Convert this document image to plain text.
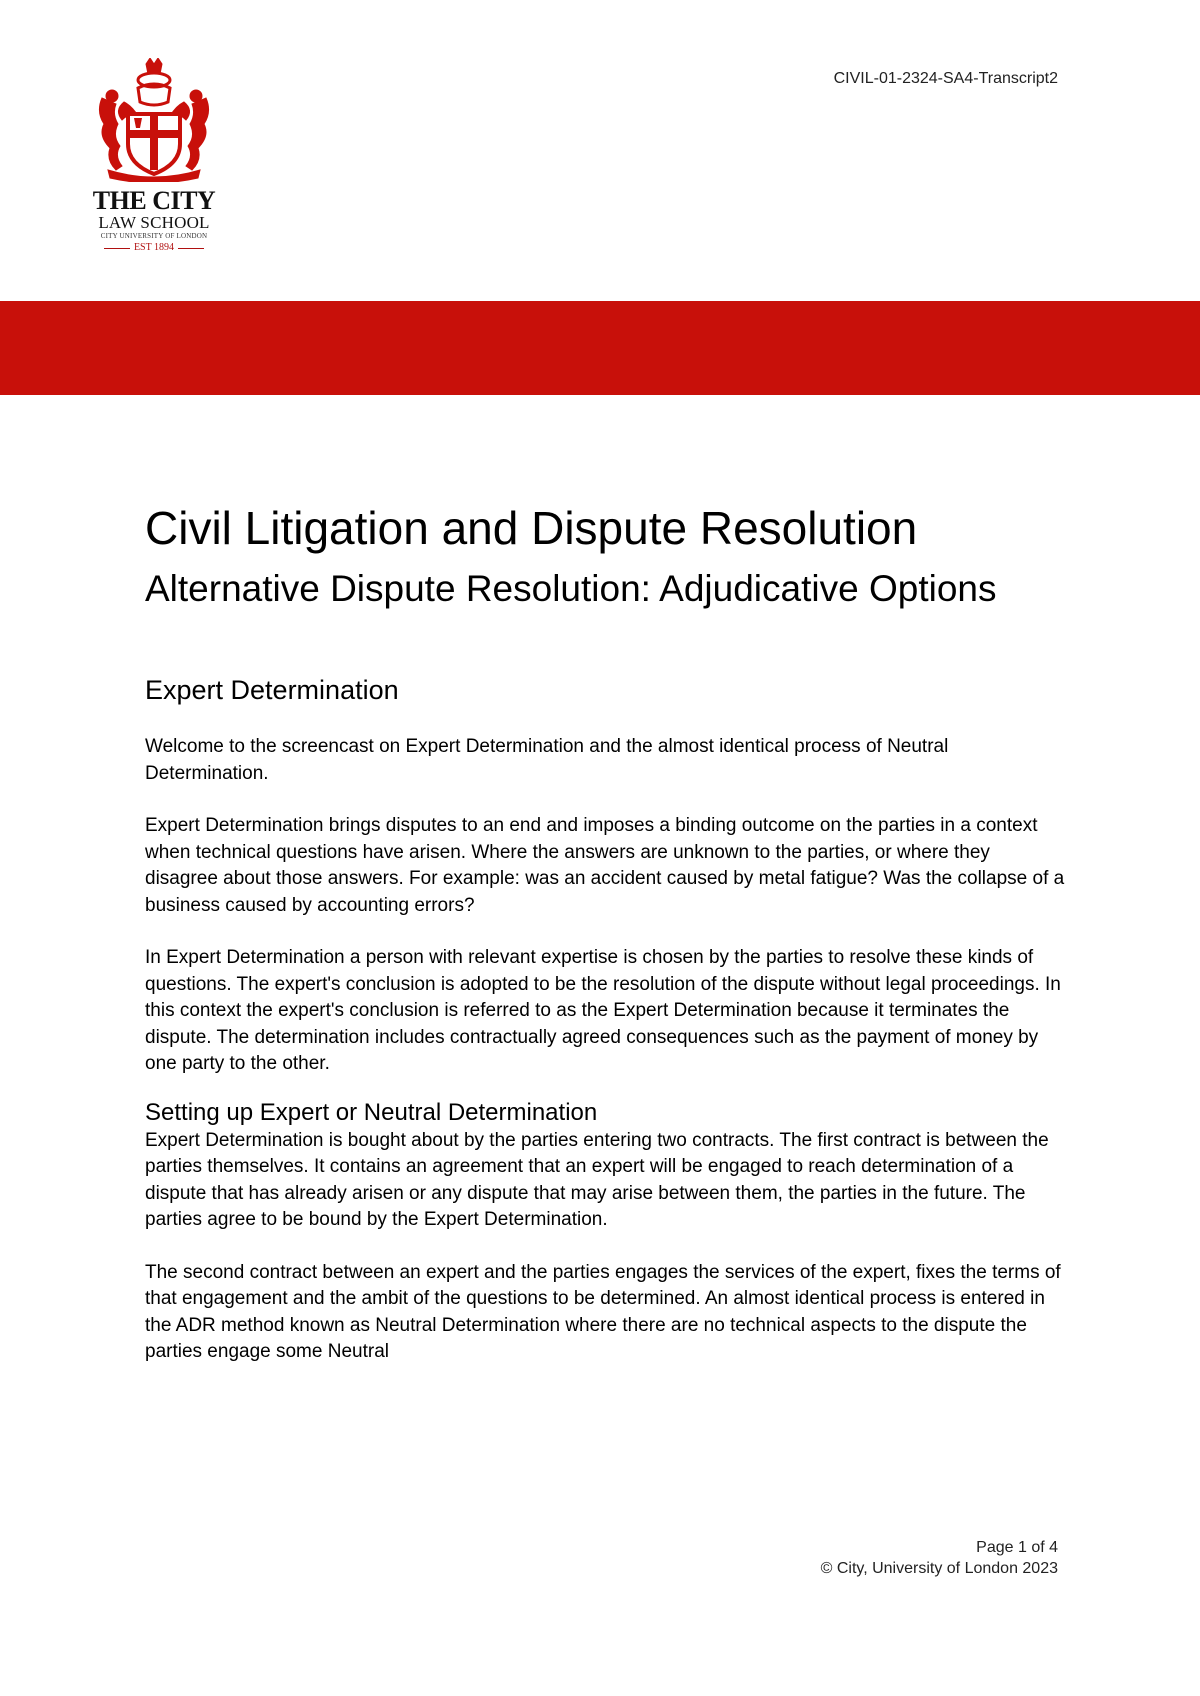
CIVIL-01-2324-SA4-Transcript2
THE CITY
LAW SCHOOL
CITY UNIVERSITY OF LONDON
EST 1894
Civil Litigation and Dispute Resolution
Alternative Dispute Resolution: Adjudicative Options
Expert Determination

Welcome to the screencast on Expert Determination and the almost identical process of Neutral Determination.

Expert Determination brings disputes to an end and imposes a binding outcome on the parties in a context when technical questions have arisen. Where the answers are unknown to the parties, or where they disagree about those answers. For example: was an accident caused by metal fatigue? Was the collapse of a business caused by accounting errors?

In Expert Determination a person with relevant expertise is chosen by the parties to resolve these kinds of questions. The expert's conclusion is adopted to be the resolution of the dispute without legal proceedings. In this context the expert's conclusion is referred to as the Expert Determination because it terminates the dispute. The determination includes contractually agreed consequences such as the payment of money by one party to the other.

Setting up Expert or Neutral Determination

Expert Determination is bought about by the parties entering two contracts. The first contract is between the parties themselves. It contains an agreement that an expert will be engaged to reach determination of a dispute that has already arisen or any dispute that may arise between them, the parties in the future. The parties agree to be bound by the Expert Determination.

The second contract between an expert and the parties engages the services of the expert, fixes the terms of that engagement and the ambit of the questions to be determined. An almost identical process is entered in the ADR method known as Neutral Determination where there are no technical aspects to the dispute the parties engage some Neutral

Page 1 of 4
© City, University of London 2023
